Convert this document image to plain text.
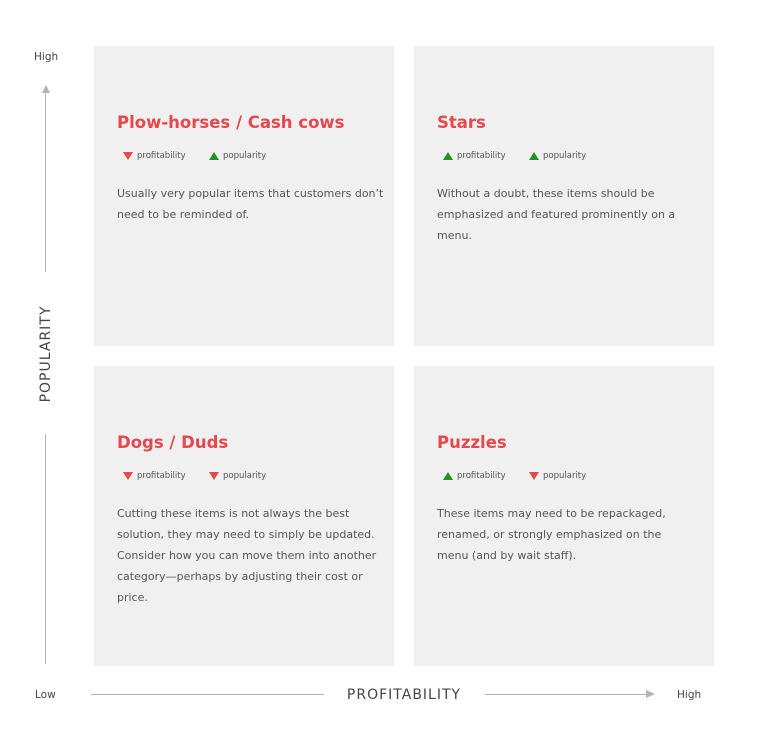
Plow-horses / Cash cows
profitability	popularity

Usually very popular items that customers don’t need to be reminded of.

Stars
profitability	popularity

Without a doubt, these items should be emphasized and featured prominently on a menu.

Dogs / Duds
profitability	popularity

Cutting these items is not always the best solution, they may need to simply be updated. Consider how you can move them into another category—perhaps by adjusting their cost or price.

Puzzles
profitability	popularity

These items may need to be repackaged, renamed, or strongly emphasized on the menu (and by wait staff).

High
POPULARITY
Low	PROFITABILITY	High
